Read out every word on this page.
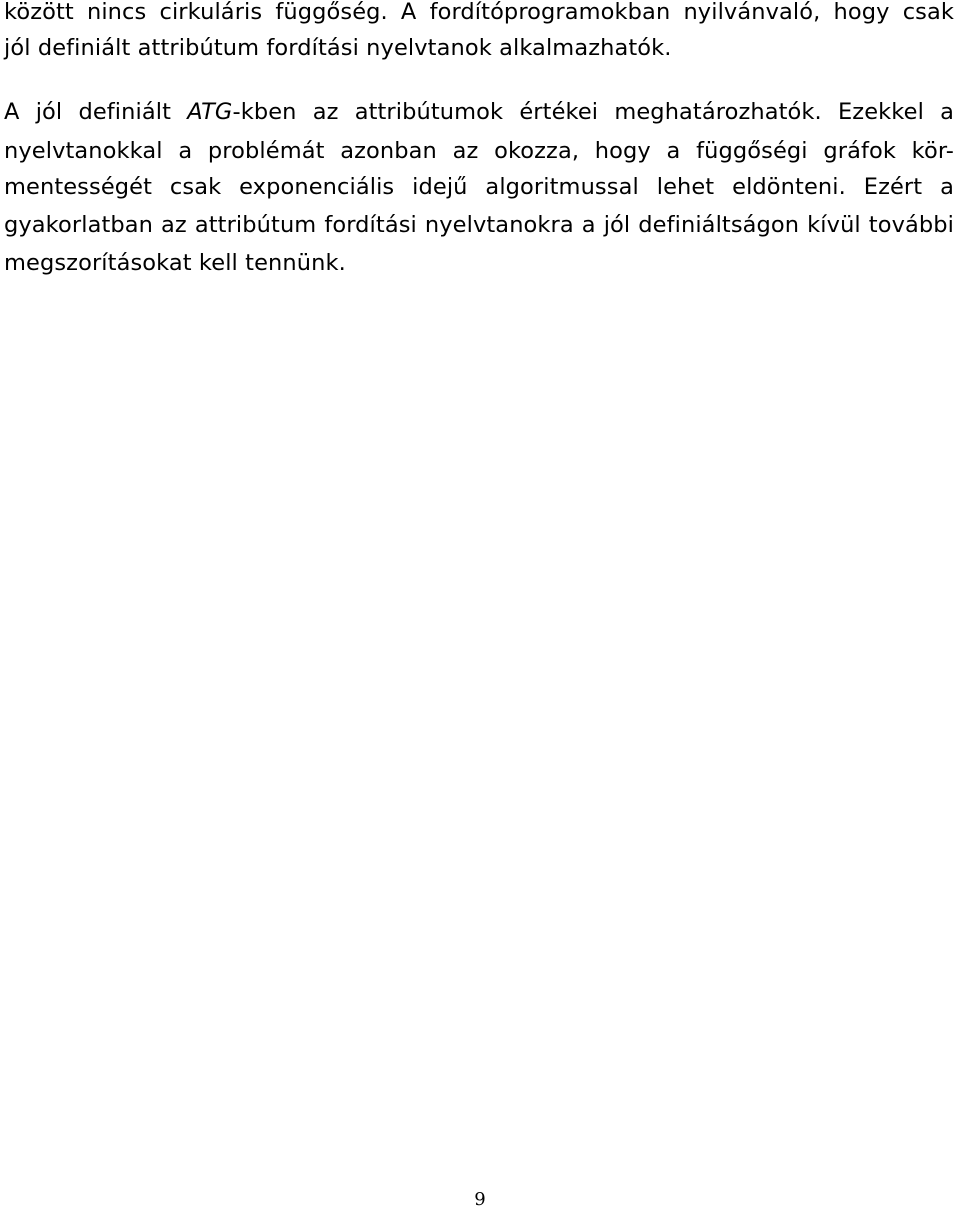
között nincs cirkuláris függőség. A fordítóprogramokban nyilvánvaló, hogy csak
jól definiált attribútum fordítási nyelvtanok alkalmazhatók.
A jól definiált ATG-kben az attribútumok értékei meghatározhatók. Ezekkel a
nyelvtanokkal a problémát azonban az okozza, hogy a függőségi gráfok kör-
mentességét csak exponenciális idejű algoritmussal lehet eldönteni. Ezért a
gyakorlatban az attribútum fordítási nyelvtanokra a jól definiáltságon kívül további
megszorításokat kell tennünk.
9
